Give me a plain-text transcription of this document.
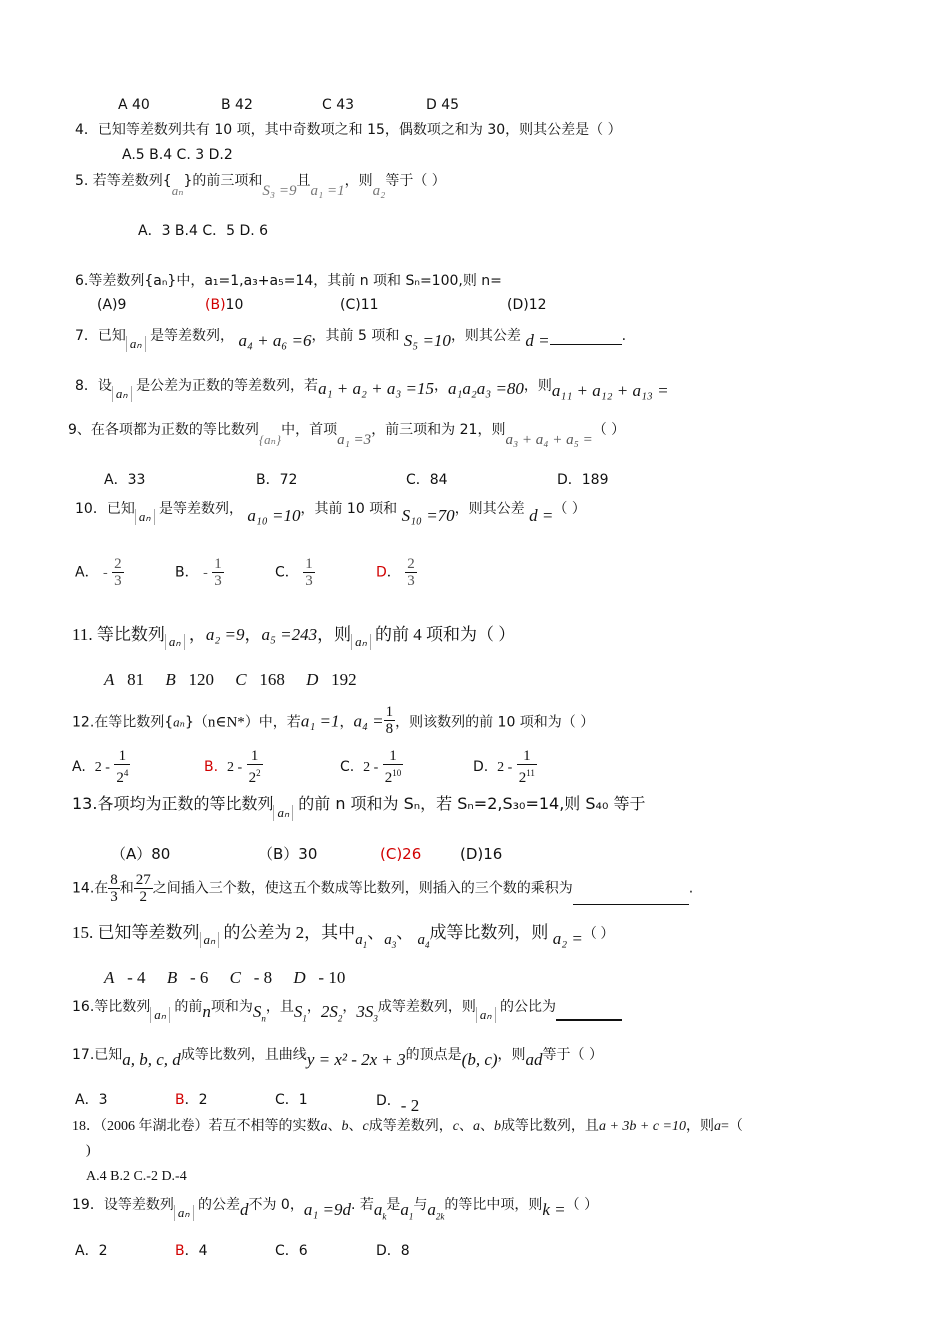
A 40	B 42	C 43	D 45
4．已知等差数列共有 10 项，其中奇数项之和 15，偶数项之和为 30，则其公差是（ ）
A.5 B.4 C. 3 D.2
5. 若等差数列{aₙ}的前三项和S₃ =9且a₁ =1，则a₂等于（ ）
A．3 B.4 C．5 D. 6
6.等差数列{aₙ}中，a₁=1,a₃+a₅=14，其前 n 项和 Sₙ=100,则 n=
(A)9	(B)10	(C)11	(D)12
7．已知 aₙ 是等差数列， a₄ + a₆ =6，其前 5 项和 S₅ =10，则其公差 d =	.
8．设 aₙ 是公差为正数的等差数列，若a₁ + a₂ + a₃ =15，a₁a₂a₃ =80，则a₁₁ + a₁₂ + a₁₃ =
9、在各项都为正数的等比数列{aₙ}中，首项a₁ =3，前三项和为 21，则a₃ + a₄ + a₅ =（ ）
A．33	B．72	C．84	D．189
10．已知 aₙ 是等差数列， a₁₀ =10，其前 10 项和 S₁₀ =70，则其公差 d =（ ）
A． - $\frac{2}{3}$	B． - $\frac{1}{3}$	C． $\frac{1}{3}$	D． $\frac{2}{3}$
11. 等比数列 aₙ ，a₂ =9，a₅ =243，则 aₙ 的前 4 项和为（ ）
A 81 B 120 C 168 D 192
12.在等比数列{aₙ}（n∈N*）中，若a₁ =1，$a_4 = \frac{1}{8}$ ，则该数列的前 10 项和为（ ）
A. $2 - \frac{1}{2^4}$	B. $2 - \frac{1}{2^2}$	C. $2 - \frac{1}{2^{10}}$	D. $2 - \frac{1}{2^{11}}$
13.各项均为正数的等比数列 aₙ 的前 n 项和为 Sₙ，若 Sₙ=2,S₃₀=14,则 S₄₀ 等于
（A）80	（B）30	(C)26	(D)16
14.在 $\frac{8}{3}$ 和 $\frac{27}{2}$ 之间插入三个数，使这五个数成等比数列，则插入的三个数的乘积为	.
15. 已知等差数列 aₙ 的公差为 2，其中$a_1$、$a_3$、 $a_4$成等比数列，则 a₂ =（ ）
A - 4 B - 6 C - 8 D - 10
16.等比数列 aₙ 的前n项和为$S_n$，且$S_1$，$2S_2$，$3S_3$成等差数列，则 aₙ 的公比为
17.已知a, b, c, d成等比数列，且曲线y = x² - 2x + 3的顶点是(b, c)，则ad等于（ ）
A．3	B．2	C．1	D．- 2
18．（2006 年湖北卷）若互不相等的实数a、b、c成等差数列，c、a、b成等比数列，且a + 3b + c =10，则a=（
)
A.4 B.2 C.-2 D.-4
19．设等差数列 aₙ 的公差d不为 0，a₁ =9d. 若$a_k$是$a_1$与$a_{2k}$的等比中项，则k =（ ）
A．2	B．4	C．6	D．8
